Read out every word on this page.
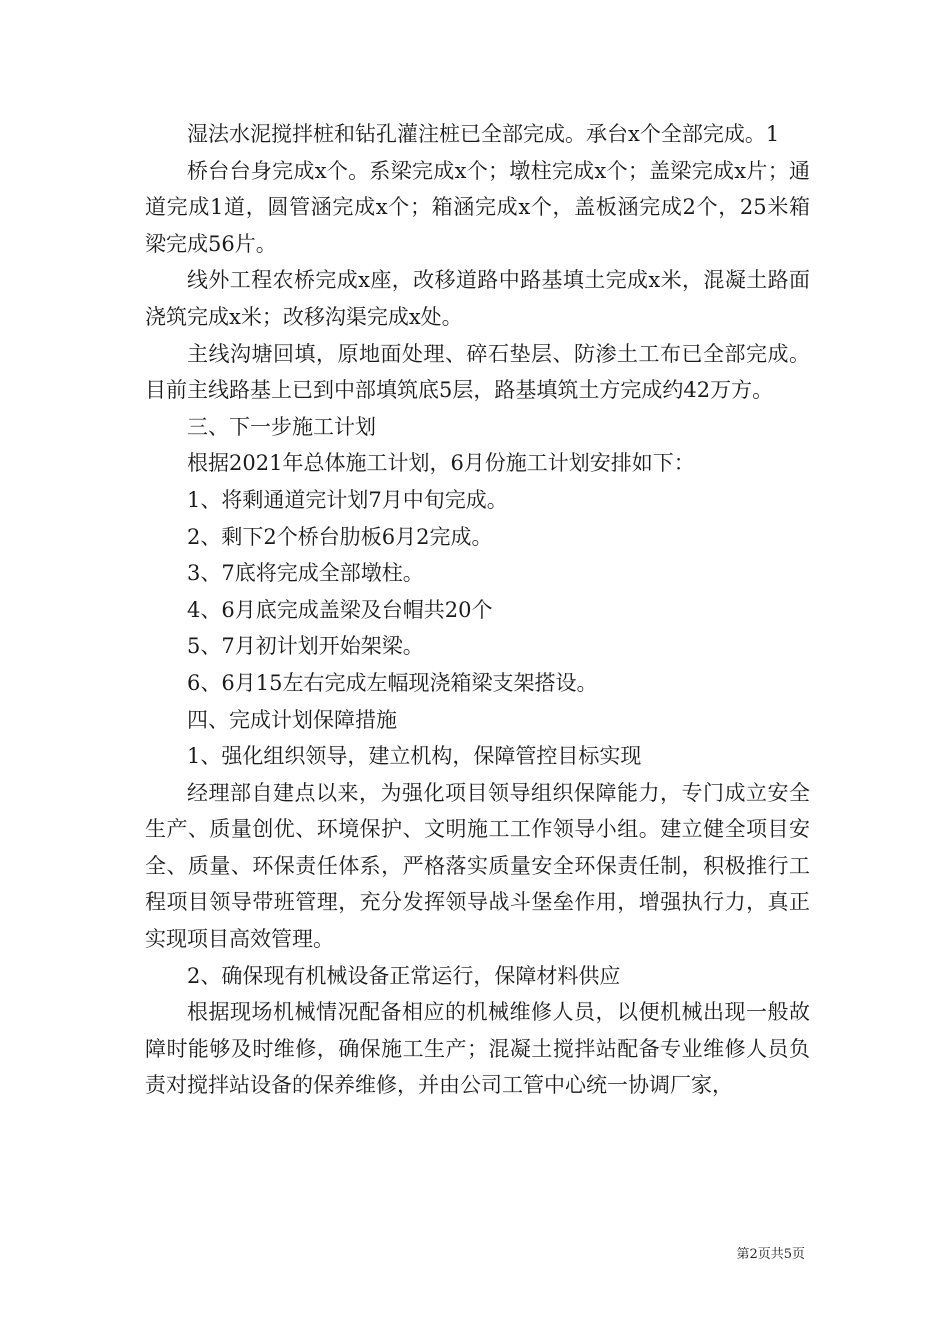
湿法水泥搅拌桩和钻孔灌注桩已全部完成。承台x个全部完成。1

桥台台身完成x个。系梁完成x个；墩柱完成x个；盖梁完成x片；通道完成1道，圆管涵完成x个；箱涵完成x个，盖板涵完成2个，25米箱梁完成56片。

线外工程农桥完成x座，改移道路中路基填土完成x米，混凝土路面浇筑完成x米；改移沟渠完成x处。

主线沟塘回填，原地面处理、碎石垫层、防渗土工布已全部完成。目前主线路基上已到中部填筑底5层，路基填筑土方完成约42万方。

三、下一步施工计划

根据2021年总体施工计划，6月份施工计划安排如下：

1、将剩通道完计划7月中旬完成。

2、剩下2个桥台肋板6月2完成。

3、7底将完成全部墩柱。

4、6月底完成盖梁及台帽共20个

5、7月初计划开始架梁。

6、6月15左右完成左幅现浇箱梁支架搭设。

四、完成计划保障措施

1、强化组织领导，建立机构，保障管控目标实现

经理部自建点以来，为强化项目领导组织保障能力，专门成立安全生产、质量创优、环境保护、文明施工工作领导小组。建立健全项目安全、质量、环保责任体系，严格落实质量安全环保责任制，积极推行工程项目领导带班管理，充分发挥领导战斗堡垒作用，增强执行力，真正实现项目高效管理。

2、确保现有机械设备正常运行，保障材料供应

根据现场机械情况配备相应的机械维修人员，以便机械出现一般故障时能够及时维修，确保施工生产；混凝土搅拌站配备专业维修人员负责对搅拌站设备的保养维修，并由公司工管中心统一协调厂家，

第2页共5页
